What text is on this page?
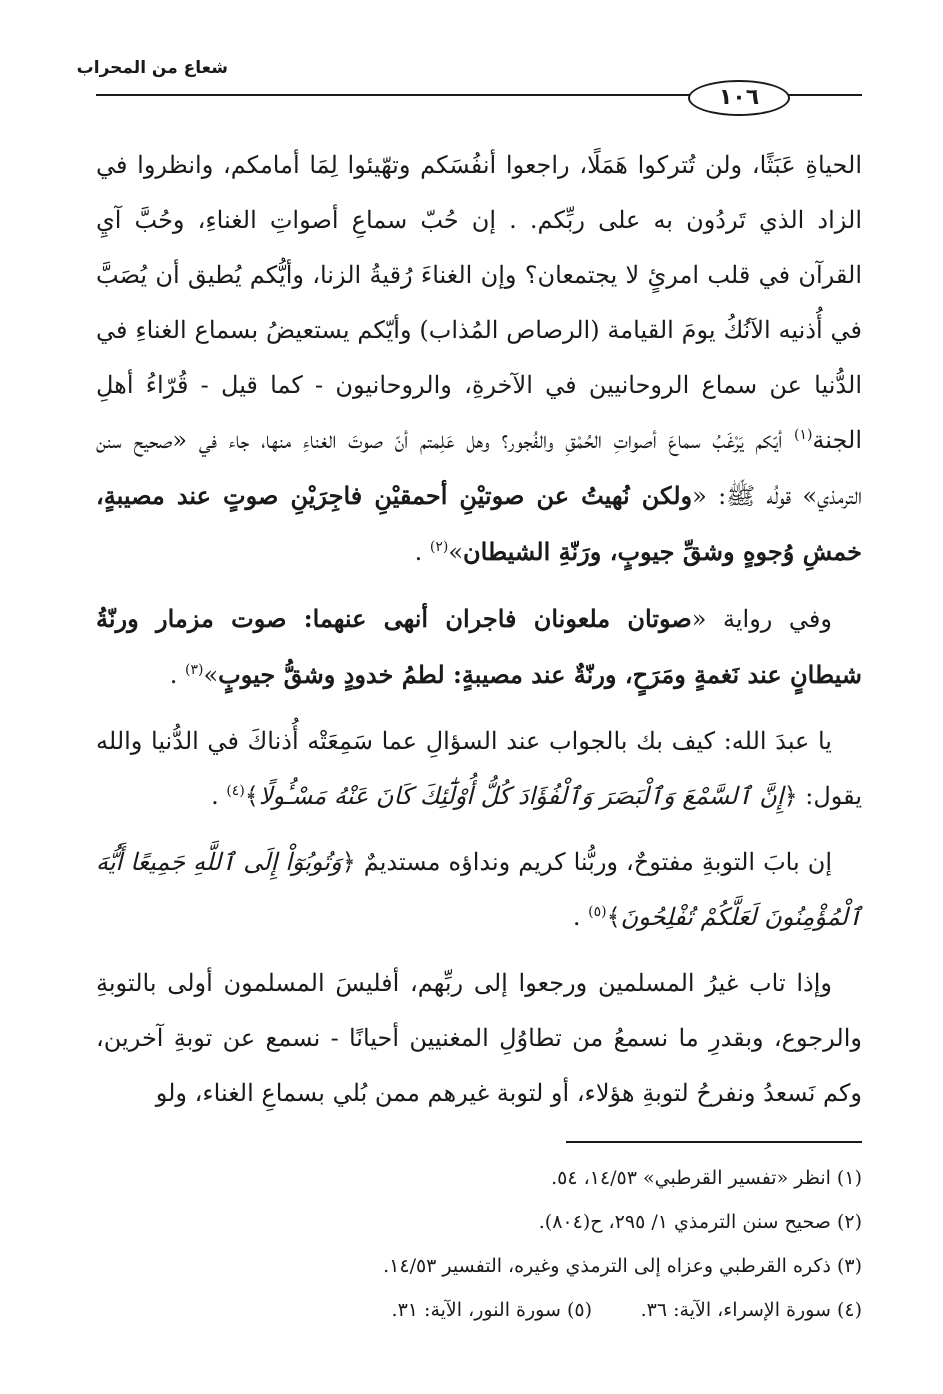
شعاع من المحراب
١٠٦

الحياةِ عَبَثًا، ولن تُتركوا هَمَلًا، راجعوا أنفُسَكم وتهّيئوا لِمَا أمامكم، وانظروا في الزاد الذي تَردُون به على ربِّكم. . إن حُبّ سماعِ أصواتِ الغناءِ، وحُبَّ آيِ القرآن في قلب امرئٍ لا يجتمعان؟ وإن الغناءَ رُقيةُ الزنا، وأيُّكم يُطيق أن يُصَبَّ في أُذنيه الآنُكُ يومَ القيامة (الرصاص المُذاب) وأيّكم يستعيضُ بسماع الغناءِ في الدُّنيا عن سماع الروحانيين في الآخرةِ، والروحانيون - كما قيل - قُرّاءُ أهلِ الجنة$^{(١)}$ أيّكم يَرْغَبُ سماعَ أصواتِ الحُمْقِ والفُجور؟ وهل عَلِمتم أنّ صوتَ الغناءِ منها، جاء في «صحيح سنن الترمذي» قولُه ﷺ: «ولكن نُهيتُ عن صوتيْنِ أحمقيْنِ فاجِرَيْنِ صوتٍ عند مصيبةٍ، خمشِ وُجوهٍ وشقِّ جيوبٍ، ورَنّةِ الشيطان»$^{(٢)}$ .

وفي رواية «صوتان ملعونان فاجران أنهى عنهما: صوت مزمار ورنّةُ شيطانٍ عند نَغمةٍ ومَرَحٍ، ورنّةٌ عند مصيبةٍ: لطمُ خدودٍ وشقُّ جيوبٍ»$^{(٣)}$ .

يا عبدَ الله: كيف بك بالجواب عند السؤالِ عما سَمِعَتْه أُذناكَ في الدُّنيا والله يقول: ﴿إِنَّ ٱلسَّمْعَ وَٱلْبَصَرَ وَٱلْفُؤَادَ كُلُّ أُوْلَٰٓئِكَ كَانَ عَنْهُ مَسْـُٔولًا﴾$^{(٤)}$ .

إن بابَ التوبةِ مفتوحٌ، وربُّنا كريم ونداؤه مستديمٌ ﴿وَتُوبُوٓاْ إِلَى ٱللَّهِ جَمِيعًا أَيُّهَ ٱلْمُؤْمِنُونَ لَعَلَّكُمْ تُفْلِحُونَ﴾$^{(٥)}$ .

وإذا تاب غيرُ المسلمين ورجعوا إلى ربِّهم، أفليسَ المسلمون أولى بالتوبةِ والرجوع، وبقدرِ ما نسمعُ من تطاوُلِ المغنيين أحيانًا - نسمع عن توبةِ آخرين، وكم نَسعدُ ونفرحُ لتوبةِ هؤلاء، أو لتوبة غيرهم ممن بُلي بسماعِ الغناء، ولو

(١) انظر «تفسير القرطبي» ١٤/٥٣، ٥٤.

(٢) صحيح سنن الترمذي ١/ ٢٩٥، ح(٨٠٤).

(٣) ذكره القرطبي وعزاه إلى الترمذي وغيره، التفسير ١٤/٥٣.

(٤) سورة الإسراء، الآية: ٣٦.

(٥) سورة النور، الآية: ٣١.
